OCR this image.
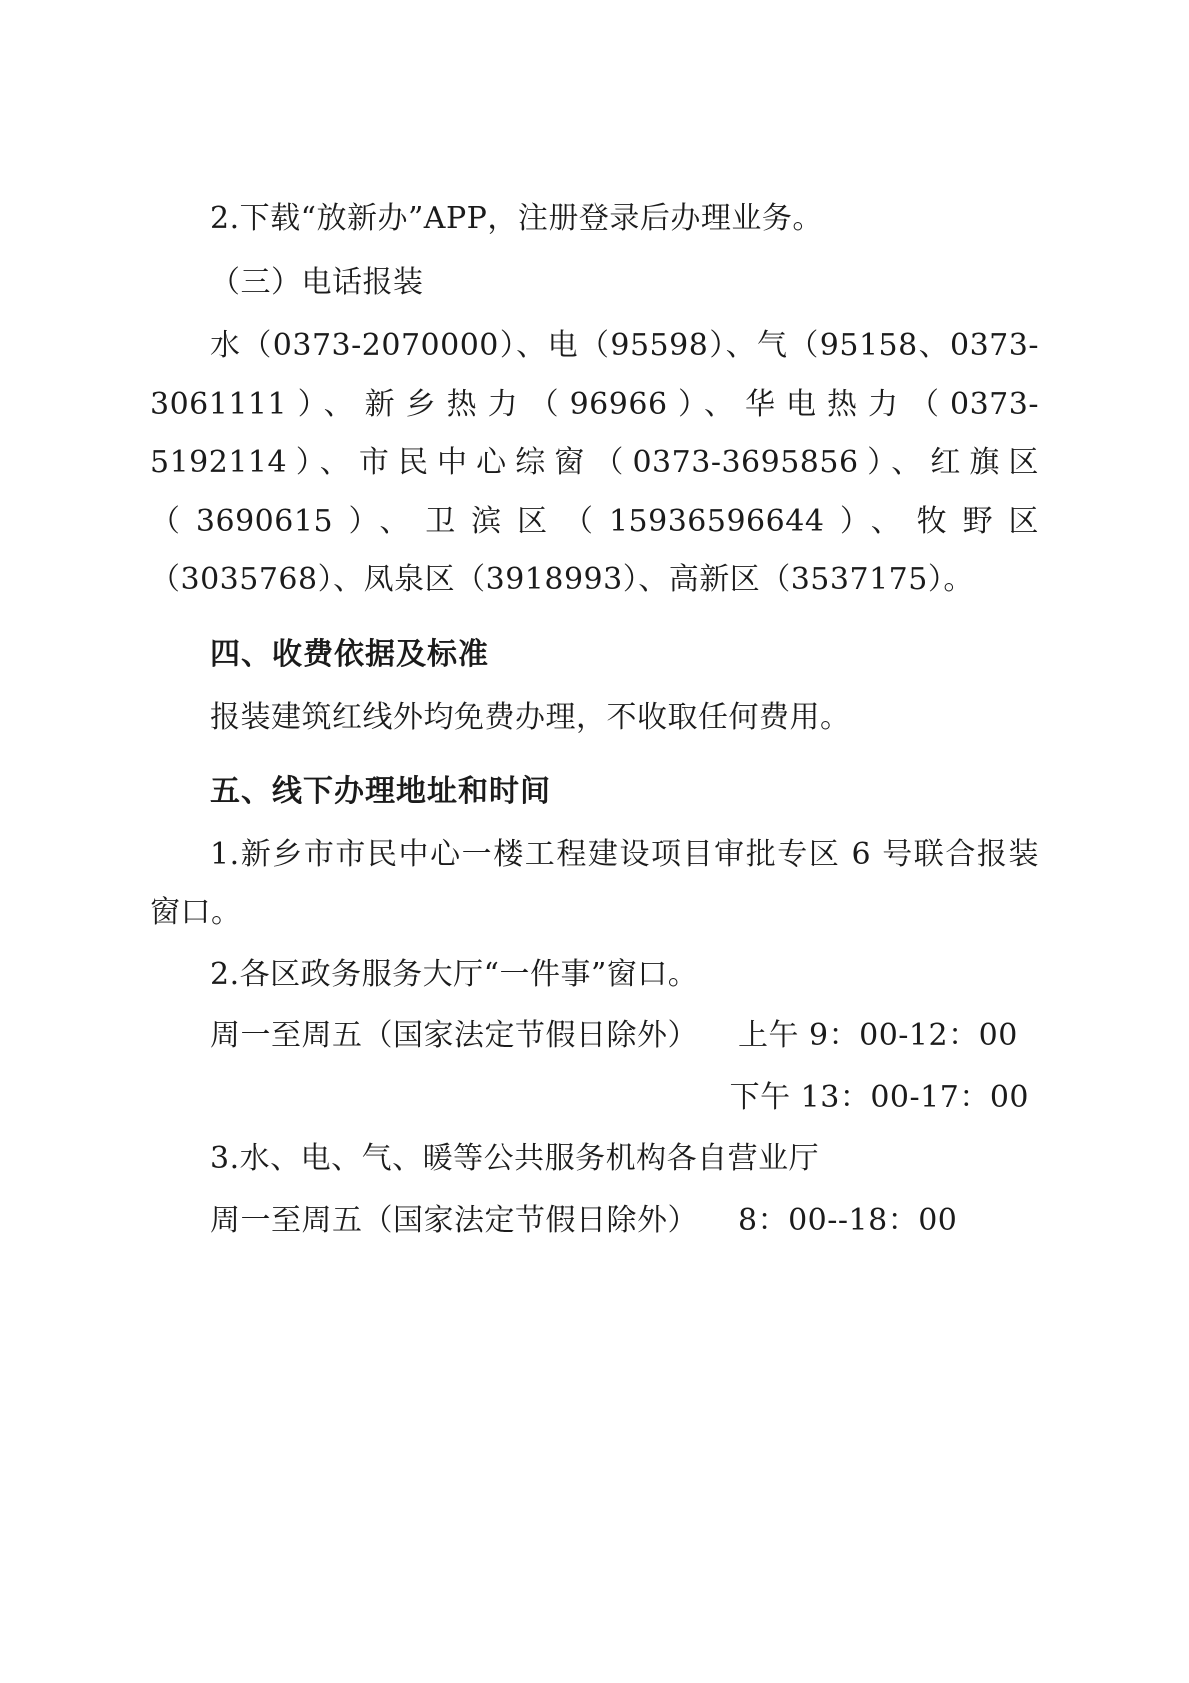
2.下载“放新办”APP，注册登录后办理业务。

（三）电话报装

水（0373-2070000）、电（95598）、气（95158、0373-3061111）、新乡热力（96966）、华电热力（0373-5192114）、市民中心综窗（0373-3695856）、红旗区（3690615）、卫滨区（15936596644）、牧野区（3035768）、凤泉区（3918993）、高新区（3537175）。

四、收费依据及标准

报装建筑红线外均免费办理，不收取任何费用。

五、线下办理地址和时间

1.新乡市市民中心一楼工程建设项目审批专区 6 号联合报装窗口。

2.各区政务服务大厅“一件事”窗口。

周一至周五（国家法定节假日除外） 上午 9：00-12：00

下午 13：00-17：00

3.水、电、气、暖等公共服务机构各自营业厅

周一至周五（国家法定节假日除外） 8：00--18：00
